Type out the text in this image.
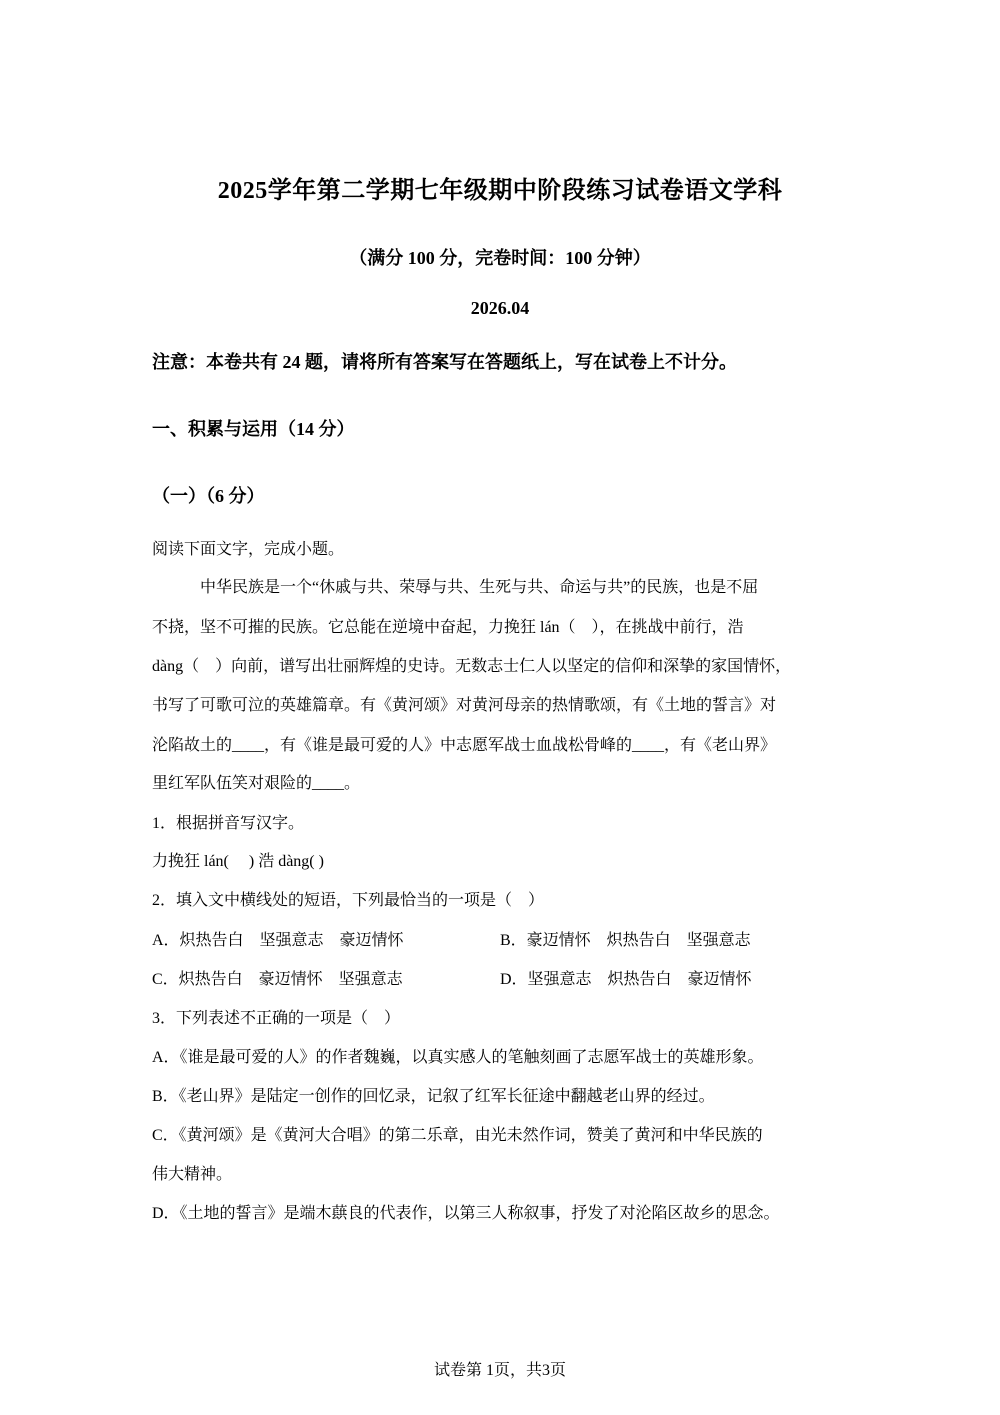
2025学年第二学期七年级期中阶段练习试卷语文学科
（满分 100 分，完卷时间：100 分钟）
2026.04
注意：本卷共有 24 题，请将所有答案写在答题纸上，写在试卷上不计分。
一、积累与运用（14 分）
（一）（6 分）
阅读下面文字，完成小题。
中华民族是一个“休戚与共、荣辱与共、生死与共、命运与共”的民族，也是不屈
不挠，坚不可摧的民族。它总能在逆境中奋起，力挽狂 lán（　），在挑战中前行，浩
dàng（　）向前，谱写出壮丽辉煌的史诗。无数志士仁人以坚定的信仰和深挚的家国情怀，
书写了可歌可泣的英雄篇章。有《黄河颂》对黄河母亲的热情歌颂，有《土地的誓言》对
沦陷故土的____，有《谁是最可爱的人》中志愿军战士血战松骨峰的____，有《老山界》
里红军队伍笑对艰险的____。
1．根据拼音写汉字。
力挽狂 lán(　 ) 浩 dàng( )
2．填入文中横线处的短语，下列最恰当的一项是（　）
A．炽热告白　坚强意志　豪迈情怀	B．豪迈情怀　炽热告白　坚强意志
C．炽热告白　豪迈情怀　坚强意志	D．坚强意志　炽热告白　豪迈情怀
3．下列表述不正确的一项是（　）
A．《谁是最可爱的人》的作者魏巍，以真实感人的笔触刻画了志愿军战士的英雄形象。
B．《老山界》是陆定一创作的回忆录，记叙了红军长征途中翻越老山界的经过。
C．《黄河颂》是《黄河大合唱》的第二乐章，由光未然作词，赞美了黄河和中华民族的
伟大精神。
D．《土地的誓言》是端木蕻良的代表作，以第三人称叙事，抒发了对沦陷区故乡的思念。
试卷第 1页，共3页
